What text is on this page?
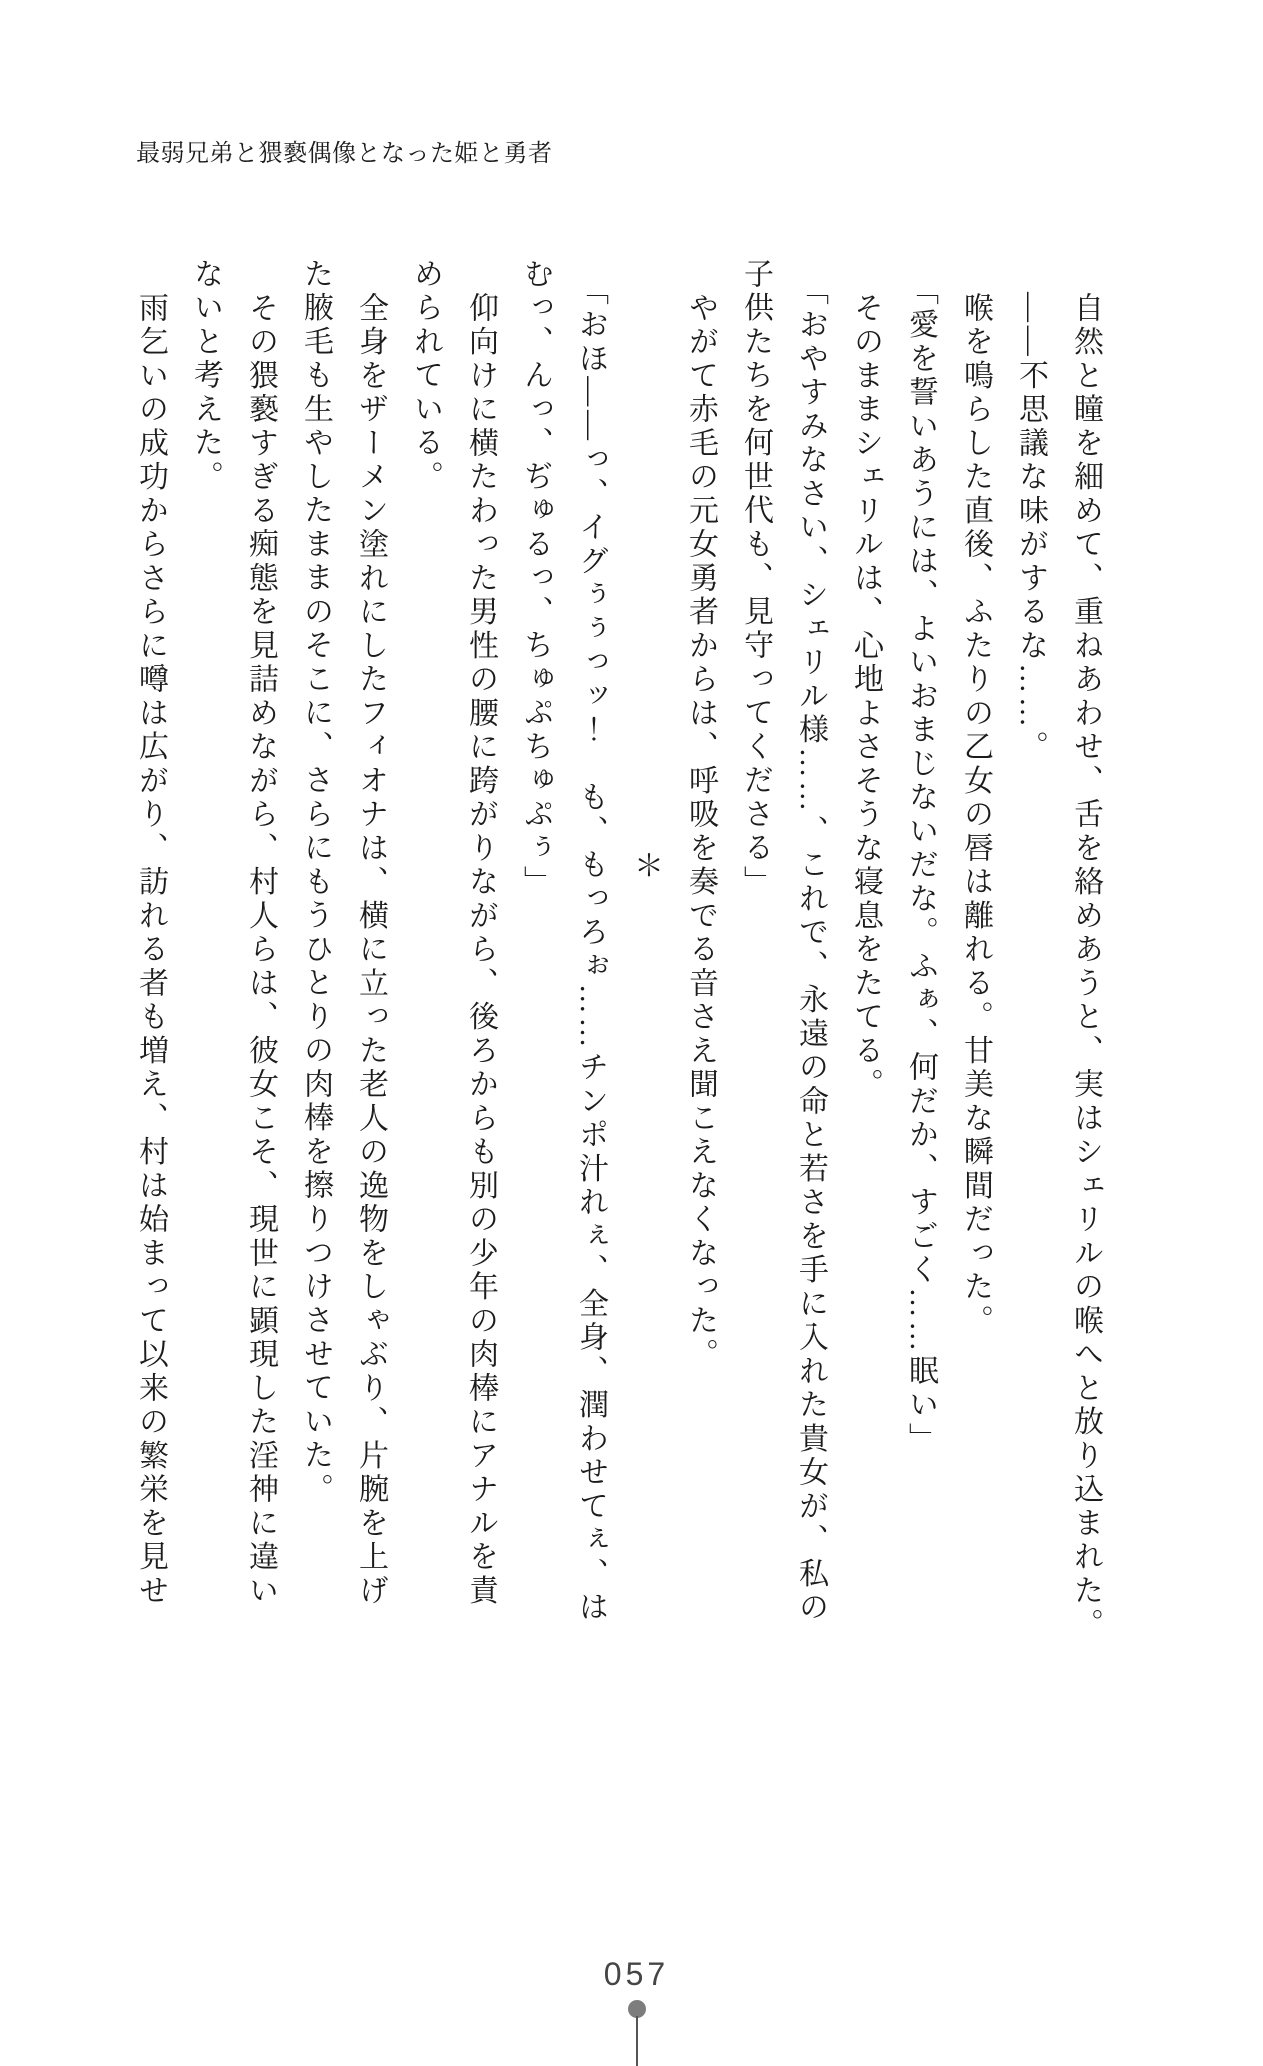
最弱兄弟と猥褻偶像となった姫と勇者
自然と瞳を細めて、重ねあわせ、舌を絡めあうと、実はシェリルの喉へと放り込まれた。
——不思議な味がするな……。
喉を鳴らした直後、ふたりの乙女の唇は離れる。甘美な瞬間だった。
「愛を誓いあうには、よいおまじないだな。ふぁ、何だか、すごく……眠い」
そのままシェリルは、心地よさそうな寝息をたてる。
「おやすみなさい、シェリル様……、これで、永遠の命と若さを手に入れた貴女が、私の
子供たちを何世代も、見守ってくださる」
やがて赤毛の元女勇者からは、呼吸を奏でる音さえ聞こえなくなった。
＊
「おほ——っ、イグぅぅっッ！　も、もっろぉ……チンポ汁れぇ、全身、潤わせてぇ、は
むっ、んっ、ぢゅるっ、ちゅぷちゅぷぅ」
仰向けに横たわった男性の腰に跨がりながら、後ろからも別の少年の肉棒にアナルを責
められている。
全身をザーメン塗れにしたフィオナは、横に立った老人の逸物をしゃぶり、片腕を上げ
た腋毛も生やしたままのそこに、さらにもうひとりの肉棒を擦りつけさせていた。
その猥褻すぎる痴態を見詰めながら、村人らは、彼女こそ、現世に顕現した淫神に違い
ないと考えた。
雨乞いの成功からさらに噂は広がり、訪れる者も増え、村は始まって以来の繁栄を見せ
057
